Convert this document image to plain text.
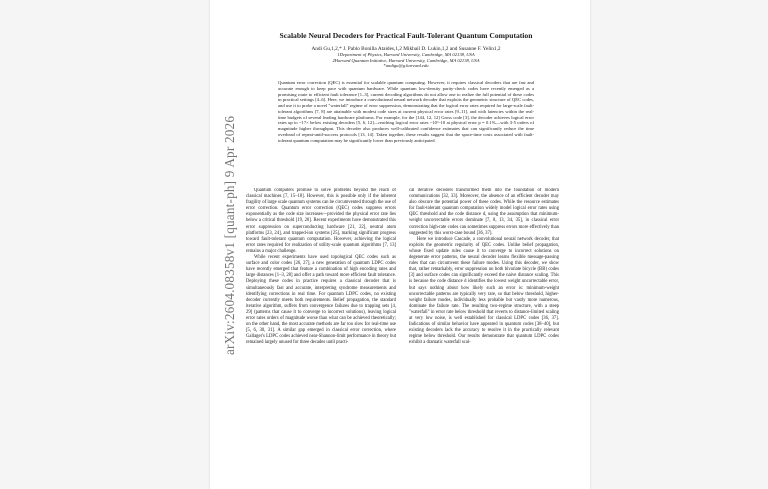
arXiv:2604.08358v1 [quant-ph] 9 Apr 2026
Scalable Neural Decoders for Practical Fault-Tolerant Quantum Computation
Andi Gu,1,2,* J. Pablo Bonilla Ataides,1,2 Mikhail D. Lukin,1,2 and Susanne F. Yelin1,2
1Department of Physics, Harvard University, Cambridge, MA 02138, USA
2Harvard Quantum Initiative, Harvard University, Cambridge, MA 02138, USA
*andigu@g.harvard.edu
Quantum error correction (QEC) is essential for scalable quantum computing. However, it requires classical decoders that are fast and accurate enough to keep pace with quantum hardware. While quantum low-density parity-check codes have recently emerged as a promising route to efficient fault tolerance [1–3], current decoding algorithms do not allow one to realize the full potential of these codes in practical settings [4–6]. Here, we introduce a convolutional neural network decoder that exploits the geometric structure of QEC codes, and use it to probe a novel "waterfall" regime of error suppression, demonstrating that the logical error rates required for large-scale fault-tolerant algorithms [7, 8] are attainable with modest code sizes at current physical error rates [9–11], and with latencies within the real-time budgets of several leading hardware platforms. For example, for the [144, 12, 12] Gross code [3], the decoder achieves logical error rates up to ~17× below existing decoders [5, 6, 12]—reaching logical error rates ~10^-10 at physical error p = 0.1%—with 3-5 orders of magnitude higher throughput. This decoder also produces well-calibrated confidence estimates that can significantly reduce the time overhead of repeat-until-success protocols [13, 14]. Taken together, these results suggest that the space-time costs associated with fault-tolerant quantum computation may be significantly lower than previously anticipated.

Quantum computers promise to solve problems beyond the reach of classical machines [7, 15–18]. However, this is possible only if the inherent fragility of large scale quantum systems can be circumvented through the use of error correction. Quantum error correction (QEC) codes suppress errors exponentially as the code size increases—provided the physical error rate lies below a critical threshold [19, 20]. Recent experiments have demonstrated this error suppression on superconducting hardware [21, 22], neutral atom platforms [23, 24], and trapped-ion systems [25], marking significant progress toward fault-tolerant quantum computation. However, achieving the logical error rates required for realization of utility-scale quantum algorithms [7, 13] remains a major challenge.

While recent experiments have used topological QEC codes such as surface and color codes [26, 27], a new generation of quantum LDPC codes have recently emerged that feature a combination of high encoding rates and large distances [1–3, 28] and offer a path toward more efficient fault tolerance. Deploying these codes in practice requires a classical decoder that is simultaneously fast and accurate, interpreting syndrome measurements and identifying corrections in real time. For quantum LDPC codes, no existing decoder currently meets both requirements. Belief propagation, the standard iterative algorithm, suffers from convergence failures due to trapping sets [4, 29] (patterns that cause it to converge to incorrect solutions), leaving logical error rates orders of magnitude worse than what can be achieved theoretically; on the other hand, the most accurate methods are far too slow for real-time use [5, 6, 30, 31]. A similar gap emerged in classical error correction, where Gallager's LDPC codes achieved near-Shannon-limit performance in theory but remained largely unused for three decades until practi-

cal iterative decoders transformed them into the foundation of modern communications [32, 33]. Moreover, the absence of an efficient decoder may also obscure the potential power of these codes. While the resource estimates for fault-tolerant quantum computation widely model logical error rates using QEC threshold and the code distance d, using the assumption that minimum-weight uncorrectable errors dominate [7, 8, 13, 34, 35], in classical error correction high-rate codes can sometimes suppress errors more effectively than suggested by this worst-case bound [36, 37].

Here we introduce Cascade, a convolutional neural network decoder, that exploits the geometric regularity of QEC codes. Unlike belief propagation, whose fixed update rules cause it to converge to incorrect solutions on degenerate error patterns, the neural decoder learns flexible message-passing rules that can circumvent these failure modes. Using this decoder, we show that, rather remarkably, error suppression on both bivariate bicycle (BB) codes [3] and surface codes can significantly exceed the naive distance scaling. This is because the code distance d identifies the lowest weight uncorrectable error, but says nothing about how likely such an error is: minimum-weight uncorrectable patterns are typically very rare, so that below threshold, higher-weight failure modes, individually less probable but vastly more numerous, dominate the failure rate. The resulting two-regime structure, with a steep "waterfall" in error rate below threshold that reverts to distance-limited scaling at very low noise, is well established for classical LDPC codes [36, 37]. Indications of similar behavior have appeared in quantum codes [38–40], but existing decoders lack the accuracy to resolve it in the practically relevant regime below threshold. Our results demonstrate that quantum LDPC codes exhibit a dramatic waterfall scal-
